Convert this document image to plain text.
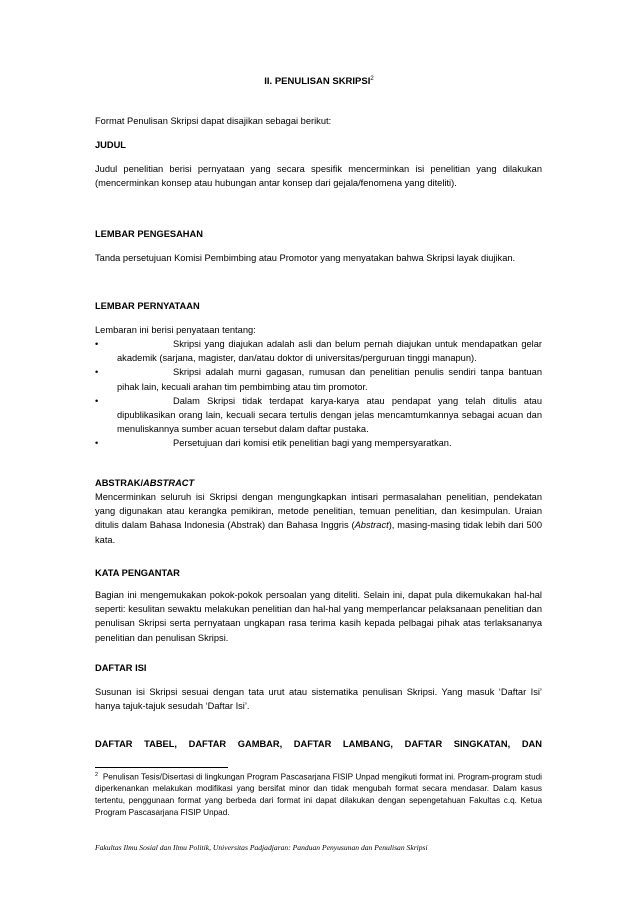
II. PENULISAN SKRIPSI$^2$
Format Penulisan Skripsi dapat disajikan sebagai berikut:
JUDUL
Judul penelitian berisi pernyataan yang secara spesifik mencerminkan isi penelitian yang dilakukan (mencerminkan konsep atau hubungan antar konsep dari gejala/fenomena yang diteliti).
LEMBAR PENGESAHAN
Tanda persetujuan Komisi Pembimbing atau Promotor yang menyatakan bahwa Skripsi layak diujikan.
LEMBAR PERNYATAAN
Lembaran ini berisi penyataan tentang:
•	Skripsi yang diajukan adalah asli dan belum pernah diajukan untuk mendapatkan gelar akademik (sarjana, magister, dan/atau doktor di universitas/perguruan tinggi manapun).
•	Skripsi adalah murni gagasan, rumusan dan penelitian penulis sendiri tanpa bantuan pihak lain, kecuali arahan tim pembimbing atau tim promotor.
•	Dalam Skripsi tidak terdapat karya-karya atau pendapat yang telah ditulis atau dipublikasikan orang lain, kecuali secara tertulis dengan jelas mencamtumkannya sebagai acuan dan menuliskannya sumber acuan tersebut dalam daftar pustaka.
•	Persetujuan dari komisi etik penelitian bagi yang mempersyaratkan.
ABSTRAK/ABSTRACT
Mencerminkan seluruh isi Skripsi dengan mengungkapkan intisari permasalahan penelitian, pendekatan yang digunakan atau kerangka pemikiran, metode penelitian, temuan penelitian, dan kesimpulan. Uraian ditulis dalam Bahasa Indonesia (Abstrak) dan Bahasa Inggris (Abstract), masing-masing tidak lebih dari 500 kata.
KATA PENGANTAR
Bagian ini mengemukakan pokok-pokok persoalan yang diteliti. Selain ini, dapat pula dikemukakan hal-hal seperti: kesulitan sewaktu melakukan penelitian dan hal-hal yang memperlancar pelaksanaan penelitian dan penulisan Skripsi serta pernyataan ungkapan rasa terima kasih kepada pelbagai pihak atas terlaksananya penelitian dan penulisan Skripsi.
DAFTAR ISI
Susunan isi Skripsi sesuai dengan tata urut atau sistematika penulisan Skripsi. Yang masuk ‘Daftar Isi’ hanya tajuk-tajuk sesudah ‘Daftar Isi’.
DAFTAR TABEL, DAFTAR GAMBAR, DAFTAR LAMBANG, DAFTAR SINGKATAN, DAN
$^2$ Penulisan Tesis/Disertasi di lingkungan Program Pascasarjana FISIP Unpad mengikuti format ini. Program-program studi diperkenankan melakukan modifikasi yang bersifat minor dan tidak mengubah format secara mendasar. Dalam kasus tertentu, penggunaan format yang berbeda dari format ini dapat dilakukan dengan sepengetahuan Fakultas c.q. Ketua Program Pascasarjana FISIP Unpad.
Fakultas Ilmu Sosial dan Ilmu Politik, Universitas Padjadjaran: Panduan Penyusunan dan Penulisan Skripsi
